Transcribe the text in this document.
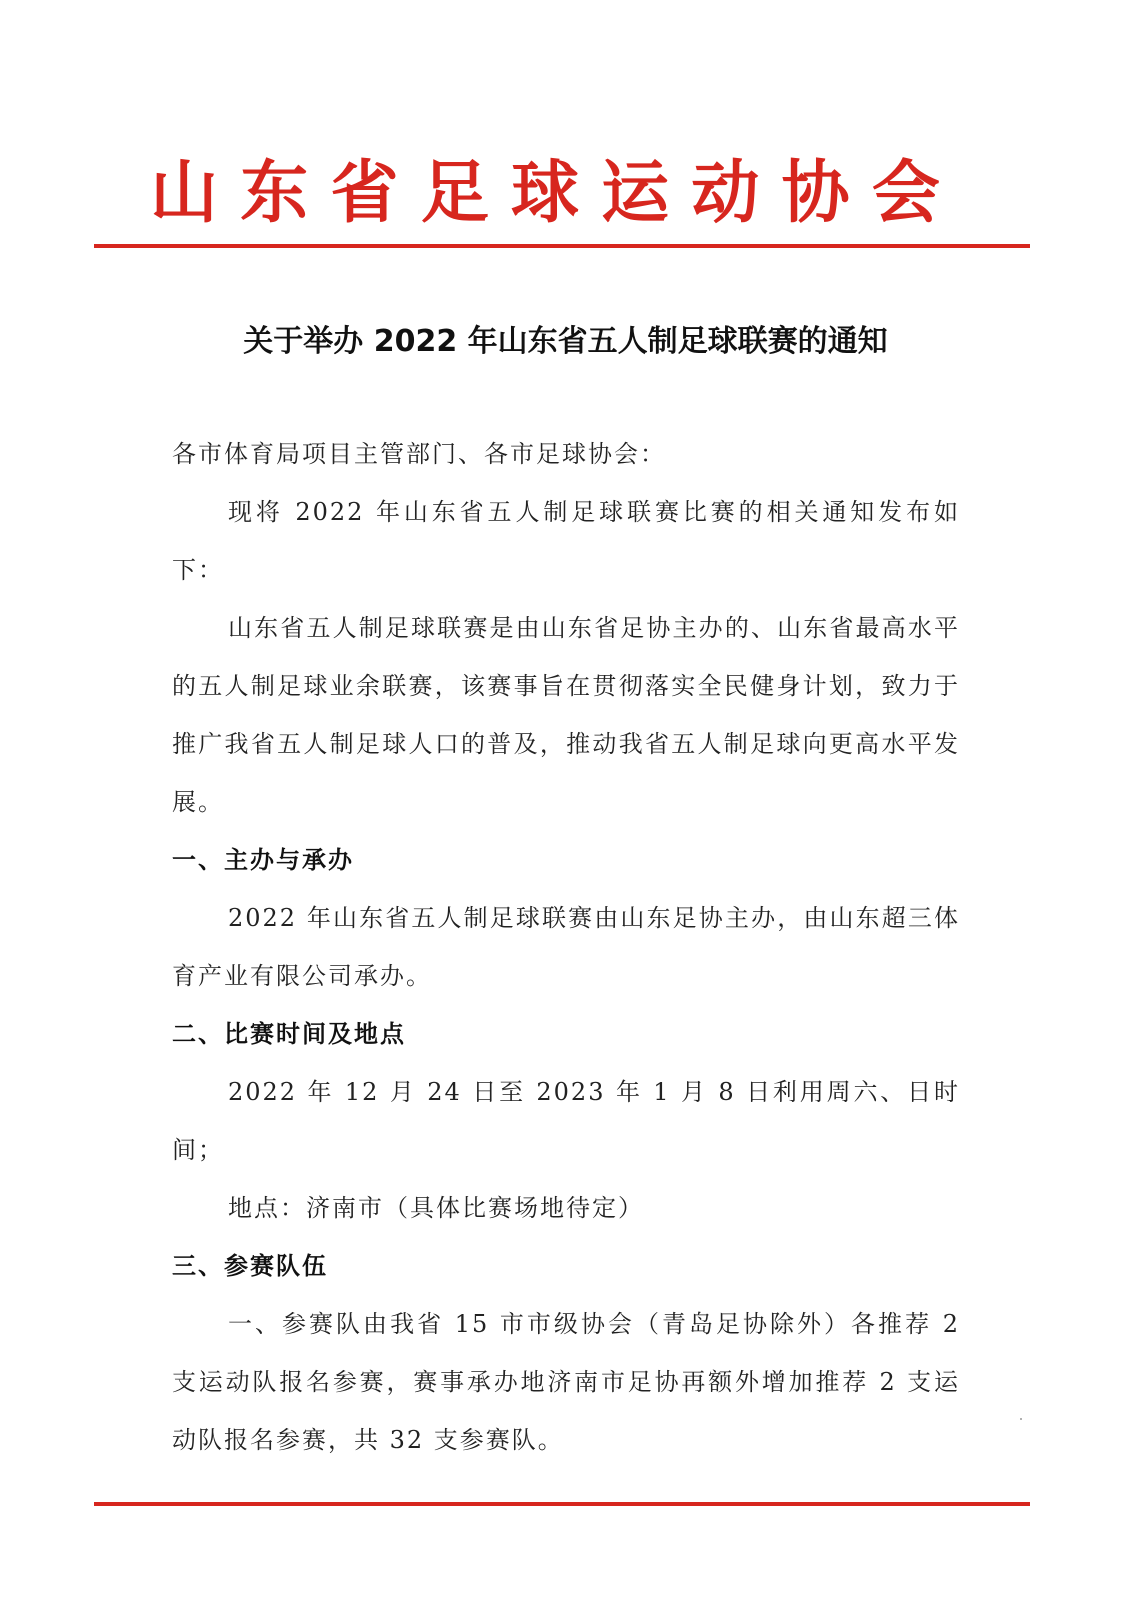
山 东 省 足 球 运 动 协 会
关于举办 2022 年山东省五人制足球联赛的通知

各市体育局项目主管部门、各市足球协会：

现将 2022 年山东省五人制足球联赛比赛的相关通知发布如下：

山东省五人制足球联赛是由山东省足协主办的、山东省最高水平的五人制足球业余联赛，该赛事旨在贯彻落实全民健身计划，致力于推广我省五人制足球人口的普及，推动我省五人制足球向更高水平发展。

一、主办与承办

2022 年山东省五人制足球联赛由山东足协主办，由山东超三体育产业有限公司承办。

二、比赛时间及地点

2022 年 12 月 24 日至 2023 年 1 月 8 日利用周六、日时间；

地点：济南市（具体比赛场地待定）

三、参赛队伍

一、参赛队由我省 15 市市级协会（青岛足协除外）各推荐 2 支运动队报名参赛，赛事承办地济南市足协再额外增加推荐 2 支运动队报名参赛，共 32 支参赛队。
